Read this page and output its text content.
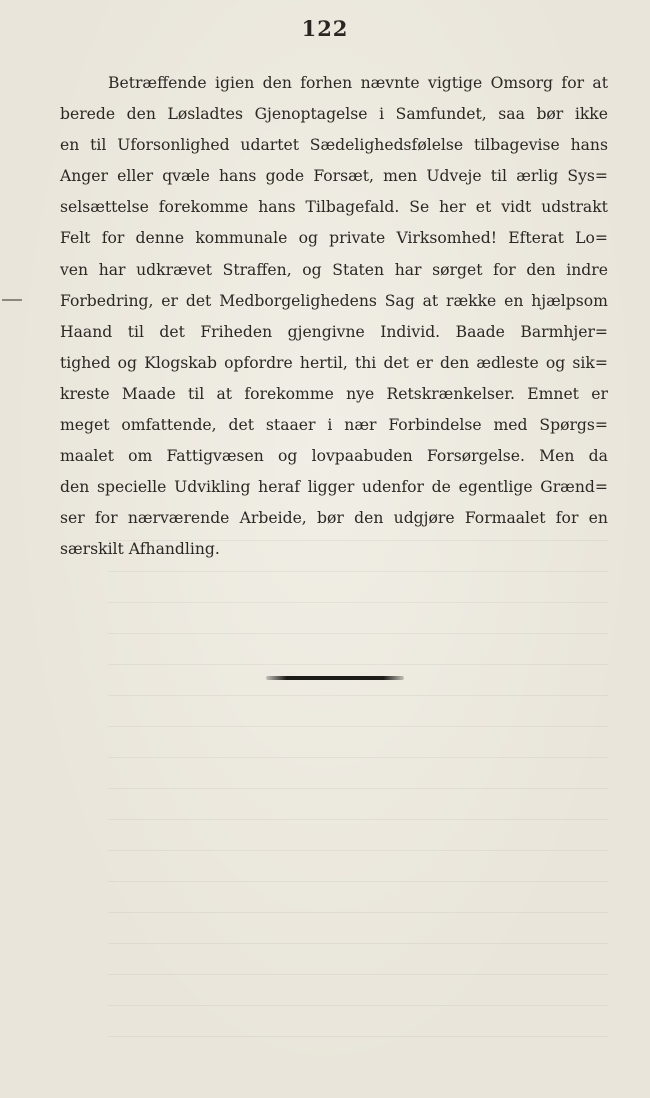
122
Betræffende igien den forhen nævnte vigtige Omsorg for at
berede den Løsladtes Gjenoptagelse i Samfundet, saa bør ikke
en til Uforsonlighed udartet Sædelighedsfølelse tilbagevise hans
Anger eller qvæle hans gode Forsæt, men Udveje til ærlig Sys=
selsættelse forekomme hans Tilbagefald. Se her et vidt udstrakt
Felt for denne kommunale og private Virksomhed! Efterat Lo=
ven har udkrævet Straffen, og Staten har sørget for den indre
Forbedring, er det Medborgelighedens Sag at række en hjælpsom
Haand til det Friheden gjengivne Individ. Baade Barmhjer=
tighed og Klogskab opfordre hertil, thi det er den ædleste og sik=
kreste Maade til at forekomme nye Retskrænkelser. Emnet er
meget omfattende, det staaer i nær Forbindelse med Spørgs=
maalet om Fattigvæsen og lovpaabuden Forsørgelse. Men da
den specielle Udvikling heraf ligger udenfor de egentlige Grænd=
ser for nærværende Arbeide, bør den udgjøre Formaalet for en
særskilt Afhandling.
